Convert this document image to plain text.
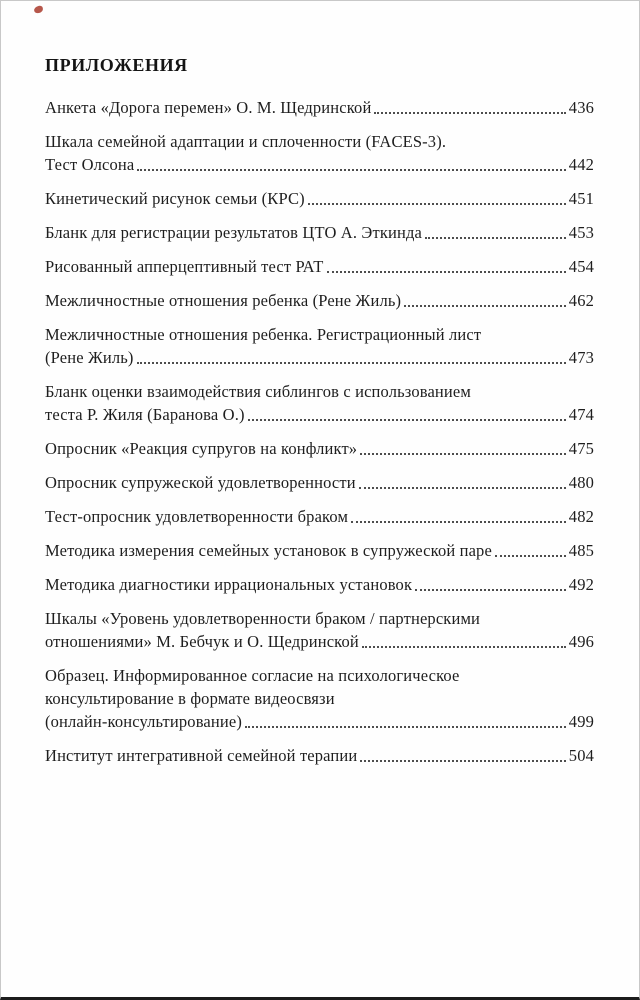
ПРИЛОЖЕНИЯ
Анкета «Дорога перемен» О. М. Щедринской	436
Шкала семейной адаптации и сплоченности (FACES-3).
Тест Олсона	442
Кинетический рисунок семьи (КРС)	451
Бланк для регистрации результатов ЦТО А. Эткинда	453
Рисованный апперцептивный тест РАТ	454
Межличностные отношения ребенка (Рене Жиль)	462
Межличностные отношения ребенка. Регистрационный лист
(Рене Жиль)	473
Бланк оценки взаимодействия сиблингов с использованием
теста Р. Жиля (Баранова О.)	474
Опросник «Реакция супругов на конфликт»	475
Опросник супружеской удовлетворенности	480
Тест-опросник удовлетворенности браком	482
Методика измерения семейных установок в супружеской паре	485
Методика диагностики иррациональных установок	492
Шкалы «Уровень удовлетворенности браком / партнерскими
отношениями» М. Бебчук и О. Щедринской	496
Образец. Информированное согласие на психологическое
консультирование в формате видеосвязи
(онлайн-консультирование)	499
Институт интегративной семейной терапии	504
